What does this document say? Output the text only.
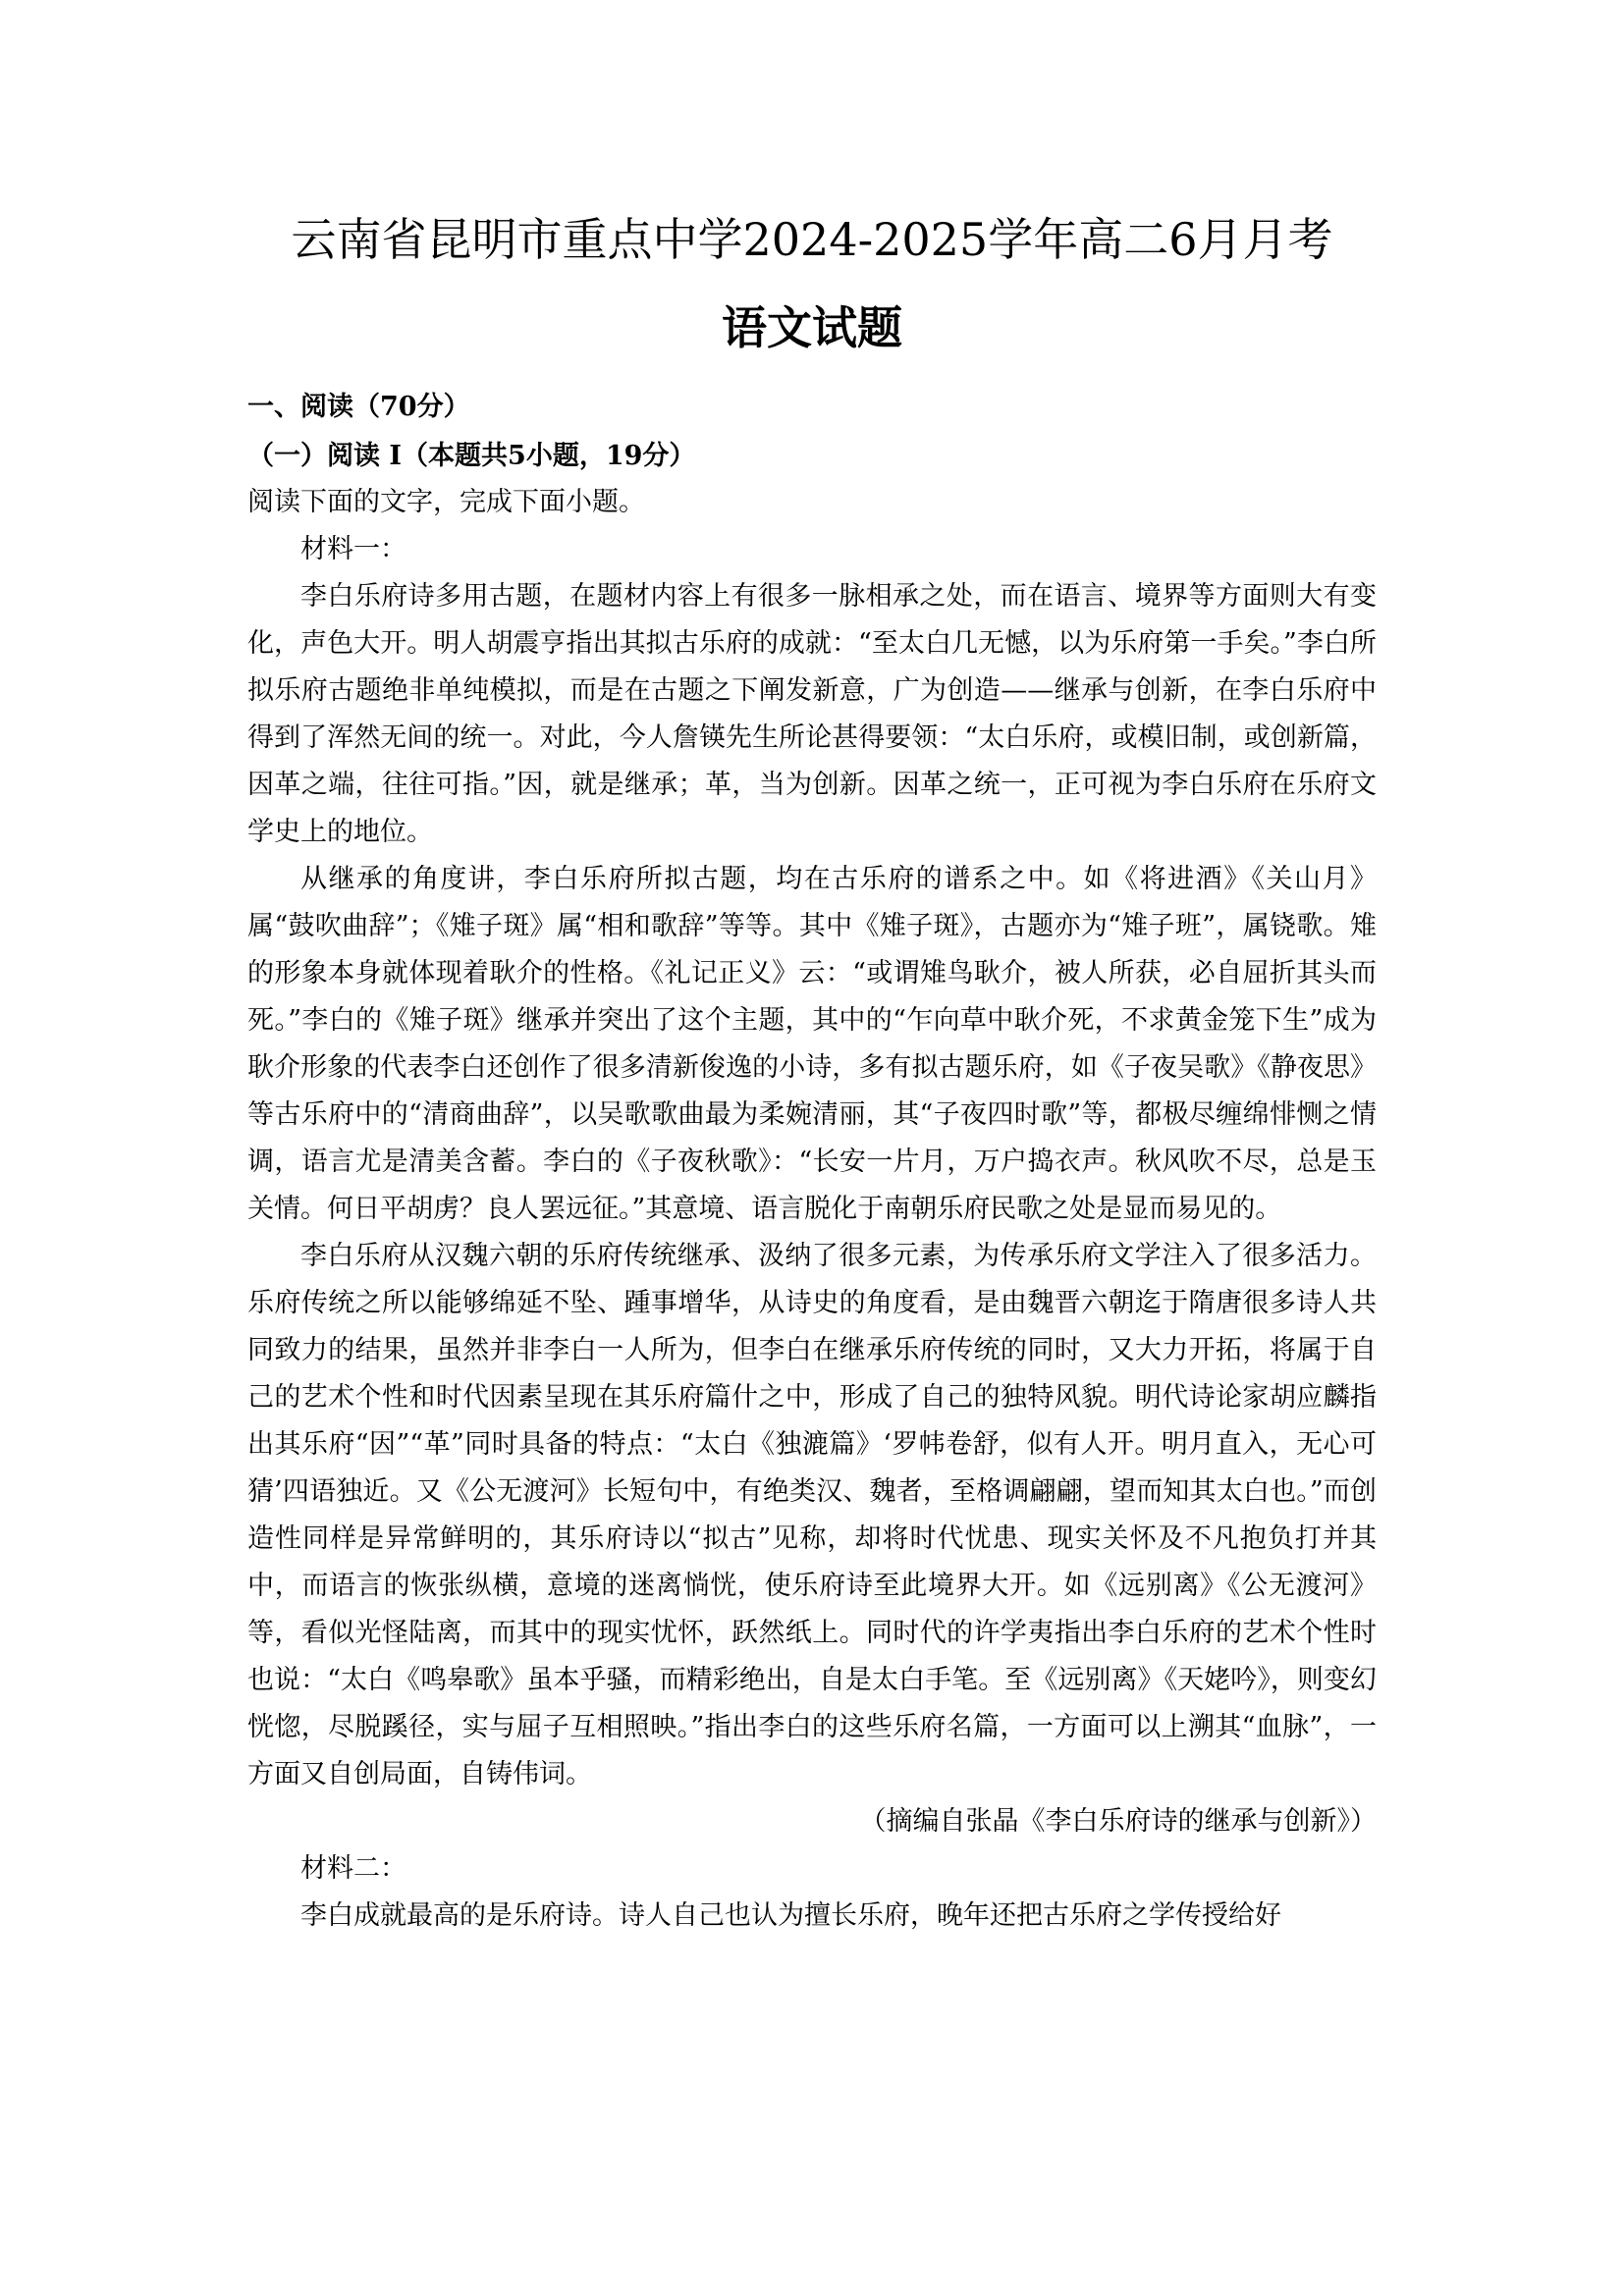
云南省昆明市重点中学2024-2025学年高二6月月考
语文试题

一、阅读（70分）

（一）阅读 I（本题共5小题，19分）

阅读下面的文字，完成下面小题。

材料一：

李白乐府诗多用古题，在题材内容上有很多一脉相承之处，而在语言、境界等方面则大有变化，声色大开。明人胡震亨指出其拟古乐府的成就：“至太白几无憾，以为乐府第一手矣。”李白所拟乐府古题绝非单纯模拟，而是在古题之下阐发新意，广为创造——继承与创新，在李白乐府中得到了浑然无间的统一。对此，今人詹锳先生所论甚得要领：“太白乐府，或模旧制，或创新篇，因革之端，往往可指。”因，就是继承；革，当为创新。因革之统一，正可视为李白乐府在乐府文学史上的地位。

从继承的角度讲，李白乐府所拟古题，均在古乐府的谱系之中。如《将进酒》《关山月》属“鼓吹曲辞”；《雉子斑》属“相和歌辞”等等。其中《雉子斑》，古题亦为“雉子班”，属铙歌。雉的形象本身就体现着耿介的性格。《礼记正义》云：“或谓雉鸟耿介，被人所获，必自屈折其头而死。”李白的《雉子斑》继承并突出了这个主题，其中的“乍向草中耿介死，不求黄金笼下生”成为耿介形象的代表李白还创作了很多清新俊逸的小诗，多有拟古题乐府，如《子夜吴歌》《静夜思》等古乐府中的“清商曲辞”，以吴歌歌曲最为柔婉清丽，其“子夜四时歌”等，都极尽缠绵悱恻之情调，语言尤是清美含蓄。李白的《子夜秋歌》：“长安一片月，万户捣衣声。秋风吹不尽，总是玉关情。何日平胡虏？良人罢远征。”其意境、语言脱化于南朝乐府民歌之处是显而易见的。

李白乐府从汉魏六朝的乐府传统继承、汲纳了很多元素，为传承乐府文学注入了很多活力。乐府传统之所以能够绵延不坠、踵事增华，从诗史的角度看，是由魏晋六朝迄于隋唐很多诗人共同致力的结果，虽然并非李白一人所为，但李白在继承乐府传统的同时，又大力开拓，将属于自己的艺术个性和时代因素呈现在其乐府篇什之中，形成了自己的独特风貌。明代诗论家胡应麟指出其乐府“因”“革”同时具备的特点：“太白《独漉篇》‘罗帏卷舒，似有人开。明月直入，无心可猜’四语独近。又《公无渡河》长短句中，有绝类汉、魏者，至格调翩翩，望而知其太白也。”而创造性同样是异常鲜明的，其乐府诗以“拟古”见称，却将时代忧患、现实关怀及不凡抱负打并其中，而语言的恢张纵横，意境的迷离惝恍，使乐府诗至此境界大开。如《远别离》《公无渡河》等，看似光怪陆离，而其中的现实忧怀，跃然纸上。同时代的许学夷指出李白乐府的艺术个性时也说：“太白《鸣皋歌》虽本乎骚，而精彩绝出，自是太白手笔。至《远别离》《天姥吟》，则变幻恍惚，尽脱蹊径，实与屈子互相照映。”指出李白的这些乐府名篇，一方面可以上溯其“血脉”，一方面又自创局面，自铸伟词。

（摘编自张晶《李白乐府诗的继承与创新》）

材料二：

李白成就最高的是乐府诗。诗人自己也认为擅长乐府，晚年还把古乐府之学传授给好
